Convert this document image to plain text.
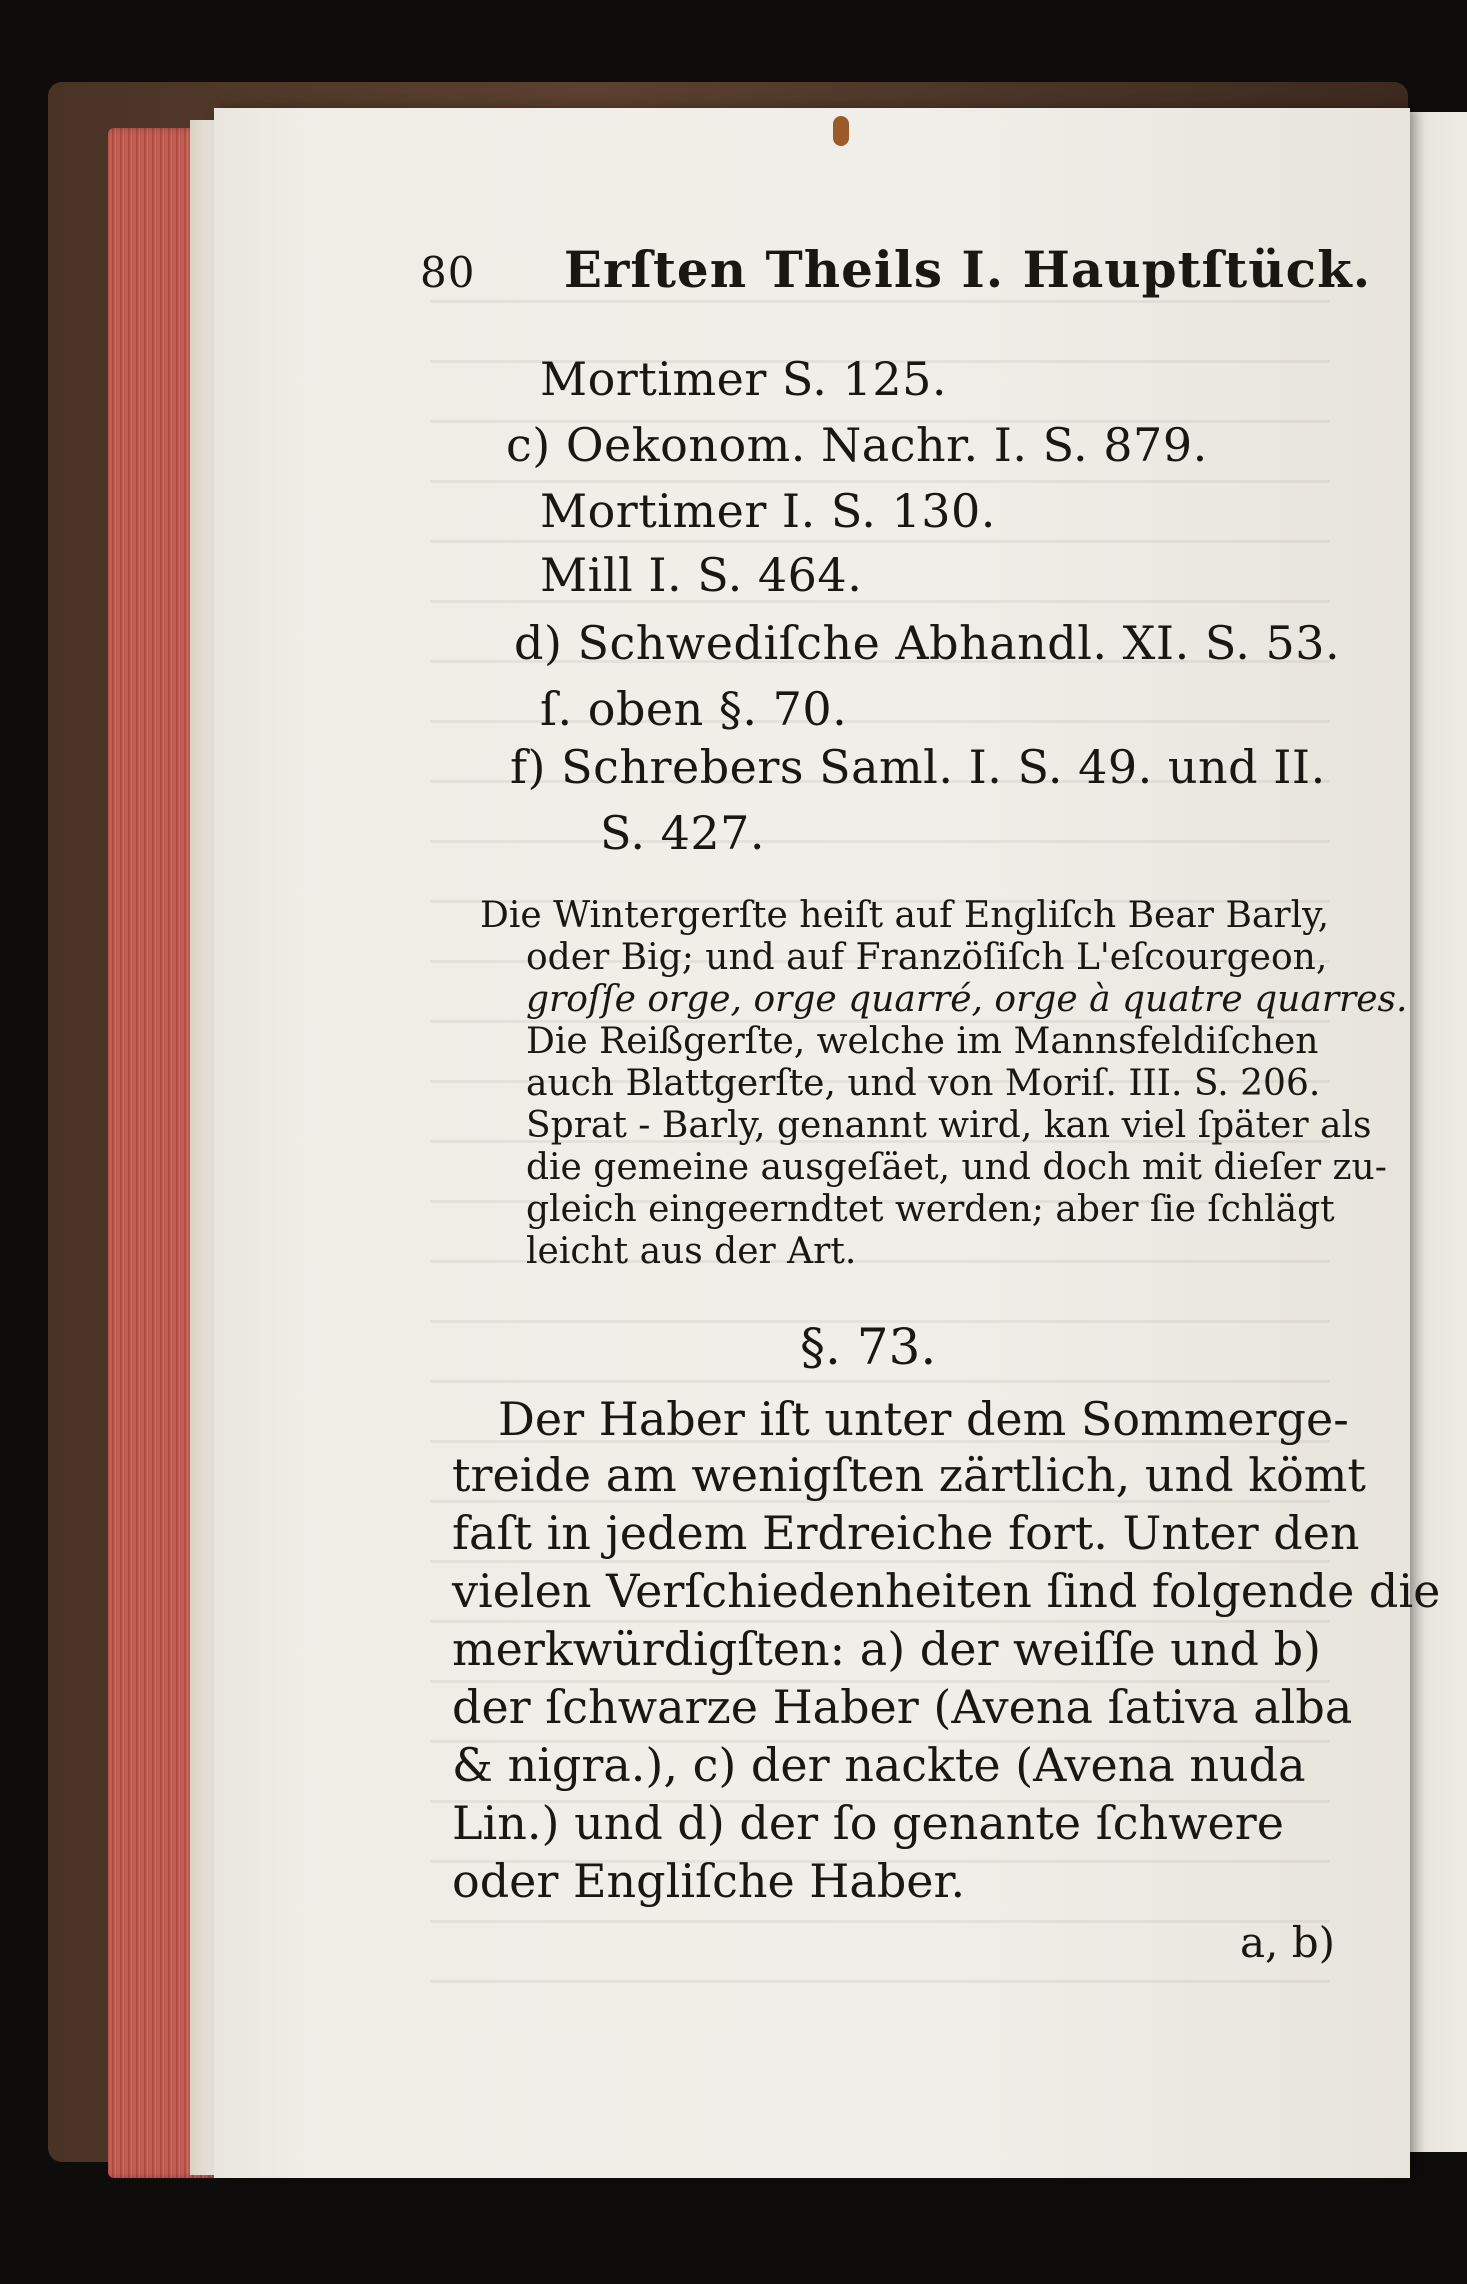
80 Erſten Theils I. Hauptſtück.
Mortimer S. 125.
c) Oekonom. Nachr. I. S. 879.
Mortimer I. S. 130.
Mill I. S. 464.
d) Schwediſche Abhandl. XI. S. 53.
ſ. oben §. 70.
f) Schrebers Saml. I. S. 49. und II.
S. 427.
Die Wintergerſte heiſt auf Engliſch Bear Barly,
oder Big; und auf Franzöſiſch L'eſcourgeon,
groſſe orge, orge quarré, orge à quatre quarres.
Die Reißgerſte, welche im Mannsfeldiſchen
auch Blattgerſte, und von Moriſ. III. S. 206.
Sprat - Barly, genannt wird, kan viel ſpäter als
die gemeine ausgeſäet, und doch mit dieſer zu-
gleich eingeerndtet werden; aber ſie ſchlägt
leicht aus der Art.
§. 73.
Der Haber iſt unter dem Sommerge-
treide am wenigſten zärtlich, und kömt
faſt in jedem Erdreiche fort. Unter den
vielen Verſchiedenheiten ſind folgende die
merkwürdigſten: a) der weiſſe und b)
der ſchwarze Haber (Avena ſativa alba
& nigra.), c) der nackte (Avena nuda
Lin.) und d) der ſo genante ſchwere
oder Engliſche Haber.
a, b)
